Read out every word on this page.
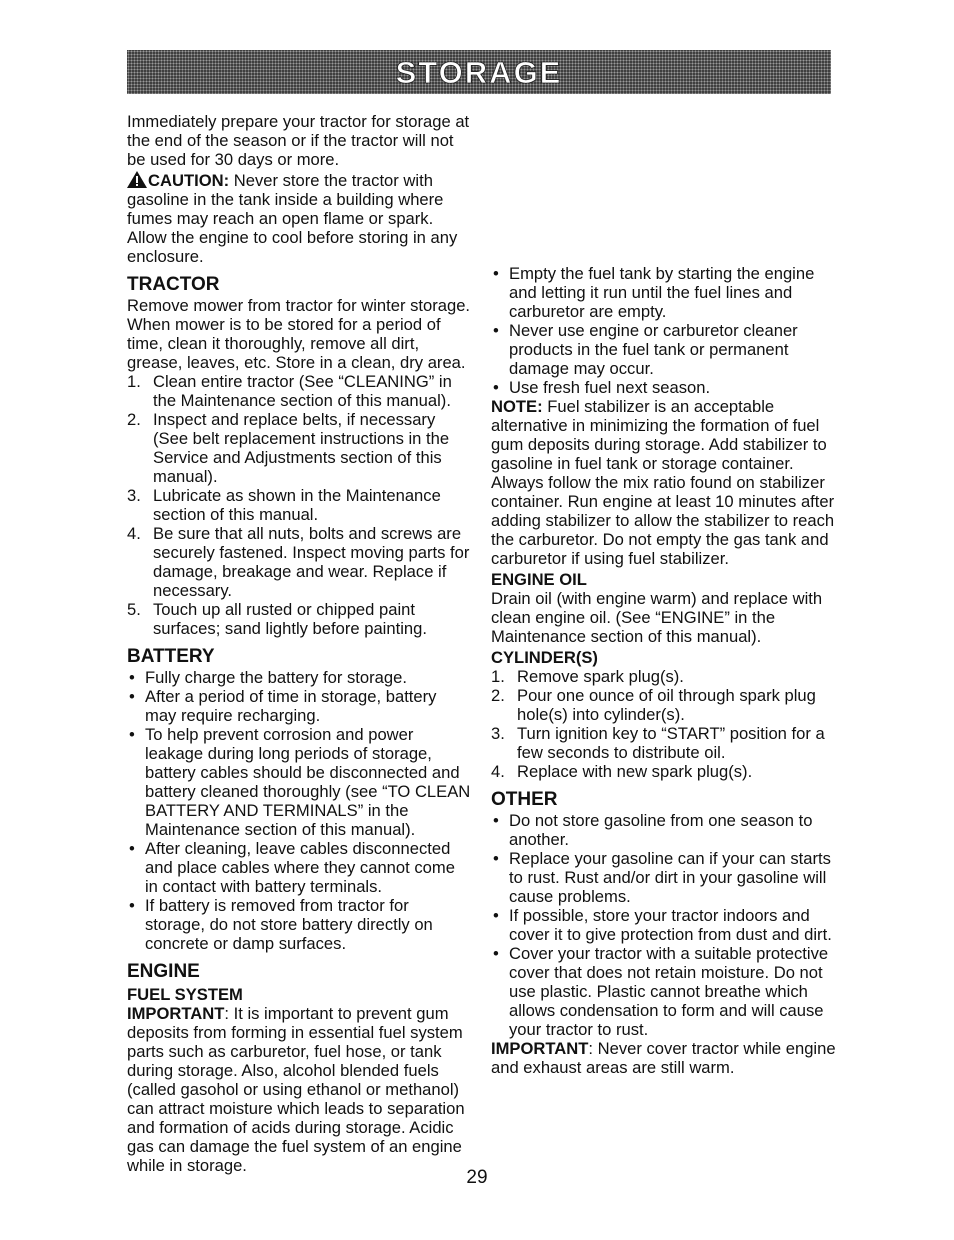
STORAGE

Immediately prepare your tractor for storage at the end of the season or if the tractor will not be used for 30 days or more.

CAUTION: Never store the tractor with gasoline in the tank inside a building where fumes may reach an open flame or spark. Allow the engine to cool before storing in any enclosure.

TRACTOR

Remove mower from tractor for winter storage. When mower is to be stored for a period of time, clean it thoroughly, remove all dirt, grease, leaves, etc. Store in a clean, dry area.

1. Clean entire tractor (See “CLEANING” in the Maintenance section of this manual).
2. Inspect and replace belts, if necessary (See belt replacement instructions in the Service and Adjustments section of this manual).
3. Lubricate as shown in the Maintenance section of this manual.
4. Be sure that all nuts, bolts and screws are securely fastened. Inspect moving parts for damage, breakage and wear. Replace if necessary.
5. Touch up all rusted or chipped paint surfaces; sand lightly before painting.
BATTERY
• Fully charge the battery for storage.
• After a period of time in storage, battery may require recharging.
• To help prevent corrosion and power leakage during long periods of storage, battery cables should be disconnected and battery cleaned thoroughly (see “TO CLEAN BATTERY AND TERMINALS” in the Maintenance section of this manual).
• After cleaning, leave cables disconnected and place cables where they cannot come in contact with battery terminals.
• If battery is removed from tractor for storage, do not store battery directly on concrete or damp surfaces.
ENGINE
FUEL SYSTEM

IMPORTANT: It is important to prevent gum deposits from forming in essential fuel system parts such as carburetor, fuel hose, or tank during storage. Also, alcohol blended fuels (called gasohol or using ethanol or methanol) can attract moisture which leads to separation and formation of acids during storage. Acidic gas can damage the fuel system of an engine while in storage.

• Empty the fuel tank by starting the engine and letting it run until the fuel lines and carburetor are empty.
• Never use engine or carburetor cleaner products in the fuel tank or permanent damage may occur.
• Use fresh fuel next season.

NOTE: Fuel stabilizer is an acceptable alternative in minimizing the formation of fuel gum deposits during storage. Add stabilizer to gasoline in fuel tank or storage container. Always follow the mix ratio found on stabilizer container. Run engine at least 10 minutes after adding stabilizer to allow the stabilizer to reach the carburetor. Do not empty the gas tank and carburetor if using fuel stabilizer.

ENGINE OIL

Drain oil (with engine warm) and replace with clean engine oil. (See “ENGINE” in the Maintenance section of this manual).

CYLINDER(S)
1. Remove spark plug(s).
2. Pour one ounce of oil through spark plug hole(s) into cylinder(s).
3. Turn ignition key to “START” position for a few seconds to distribute oil.
4. Replace with new spark plug(s).
OTHER
• Do not store gasoline from one season to another.
• Replace your gasoline can if your can starts to rust. Rust and/or dirt in your gasoline will cause problems.
• If possible, store your tractor indoors and cover it to give protection from dust and dirt.
• Cover your tractor with a suitable protective cover that does not retain moisture. Do not use plastic. Plastic cannot breathe which allows condensation to form and will cause your tractor to rust.

IMPORTANT: Never cover tractor while engine and exhaust areas are still warm.

29
